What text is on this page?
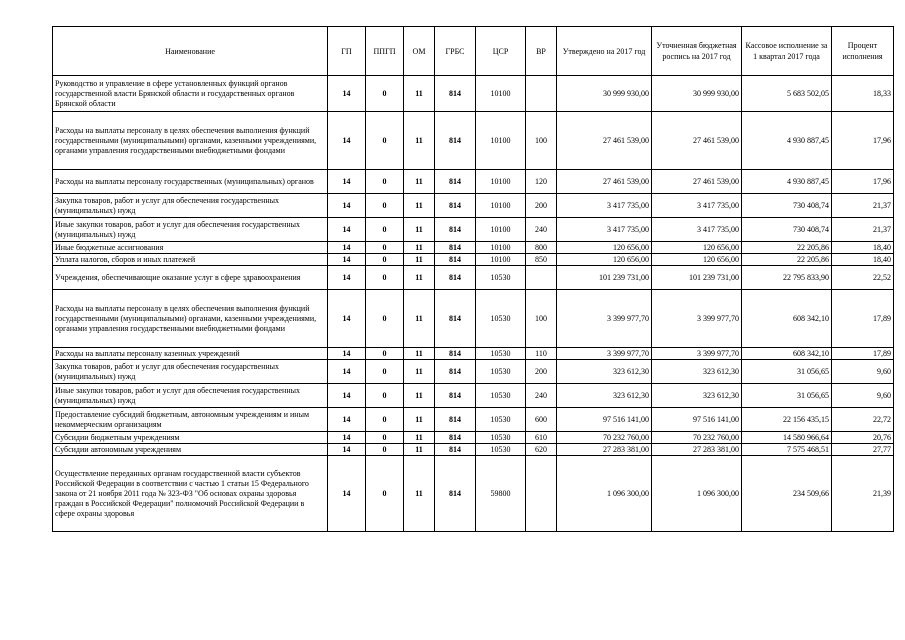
Наименование	ГП	ППГП	ОМ	ГРБС	ЦСР	ВР	Утверждено на 2017 год	Уточненная бюджетная роспись на 2017 год	Кассовое исполнение за 1 квартал 2017 года	Процент исполнения
Руководство и управление в сфере установленных функций органов государственной власти Брянской области и государственных органов Брянской области	14	0	11	814	10100		30 999 930,00	30 999 930,00	5 683 502,05	18,33
Расходы на выплаты персоналу в целях обеспечения выполнения функций государственными (муниципальными) органами, казенными учреждениями, органами управления государственными внебюджетными фондами	14	0	11	814	10100	100	27 461 539,00	27 461 539,00	4 930 887,45	17,96
Расходы на выплаты персоналу государственных (муниципальных) органов	14	0	11	814	10100	120	27 461 539,00	27 461 539,00	4 930 887,45	17,96
Закупка товаров, работ и услуг для обеспечения государственных (муниципальных) нужд	14	0	11	814	10100	200	3 417 735,00	3 417 735,00	730 408,74	21,37
Иные закупки товаров, работ и услуг для обеспечения государственных (муниципальных) нужд	14	0	11	814	10100	240	3 417 735,00	3 417 735,00	730 408,74	21,37
Иные бюджетные ассигнования	14	0	11	814	10100	800	120 656,00	120 656,00	22 205,86	18,40
Уплата налогов, сборов и иных платежей	14	0	11	814	10100	850	120 656,00	120 656,00	22 205,86	18,40
Учреждения, обеспечивающие оказание услуг в сфере здравоохранения	14	0	11	814	10530		101 239 731,00	101 239 731,00	22 795 833,90	22,52
Расходы на выплаты персоналу в целях обеспечения выполнения функций государственными (муниципальными) органами, казенными учреждениями, органами управления государственными внебюджетными фондами	14	0	11	814	10530	100	3 399 977,70	3 399 977,70	608 342,10	17,89
Расходы на выплаты персоналу казенных учреждений	14	0	11	814	10530	110	3 399 977,70	3 399 977,70	608 342,10	17,89
Закупка товаров, работ и услуг для обеспечения государственных (муниципальных) нужд	14	0	11	814	10530	200	323 612,30	323 612,30	31 056,65	9,60
Иные закупки товаров, работ и услуг для обеспечения государственных (муниципальных) нужд	14	0	11	814	10530	240	323 612,30	323 612,30	31 056,65	9,60
Предоставление субсидий бюджетным, автономным учреждениям и иным некоммерческим организациям	14	0	11	814	10530	600	97 516 141,00	97 516 141,00	22 156 435,15	22,72
Субсидии бюджетным учреждениям	14	0	11	814	10530	610	70 232 760,00	70 232 760,00	14 580 966,64	20,76
Субсидии автономным учреждениям	14	0	11	814	10530	620	27 283 381,00	27 283 381,00	7 575 468,51	27,77
Осуществление переданных органам государственной власти субъектов Российской Федерации в соответствии с частью 1 статьи 15 Федерального закона от 21 ноября 2011 года № 323-ФЗ "Об основах охраны здоровья граждан в Российской Федерации" полномочий Российской Федерации в сфере охраны здоровья	14	0	11	814	59800		1 096 300,00	1 096 300,00	234 509,66	21,39
